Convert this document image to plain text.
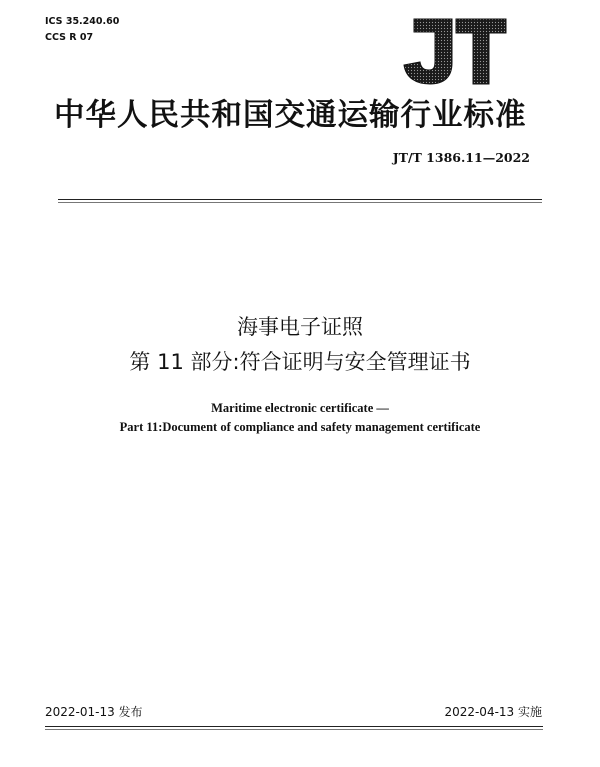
ICS 35.240.60
CCS R 07
中华人民共和国交通运输行业标准
JT/T 1386.11—2022
海事电子证照
第 11 部分:符合证明与安全管理证书
Maritime electronic certificate —
Part 11:Document of compliance and safety management certificate
2022-01-13 发布	2022-04-13 实施
